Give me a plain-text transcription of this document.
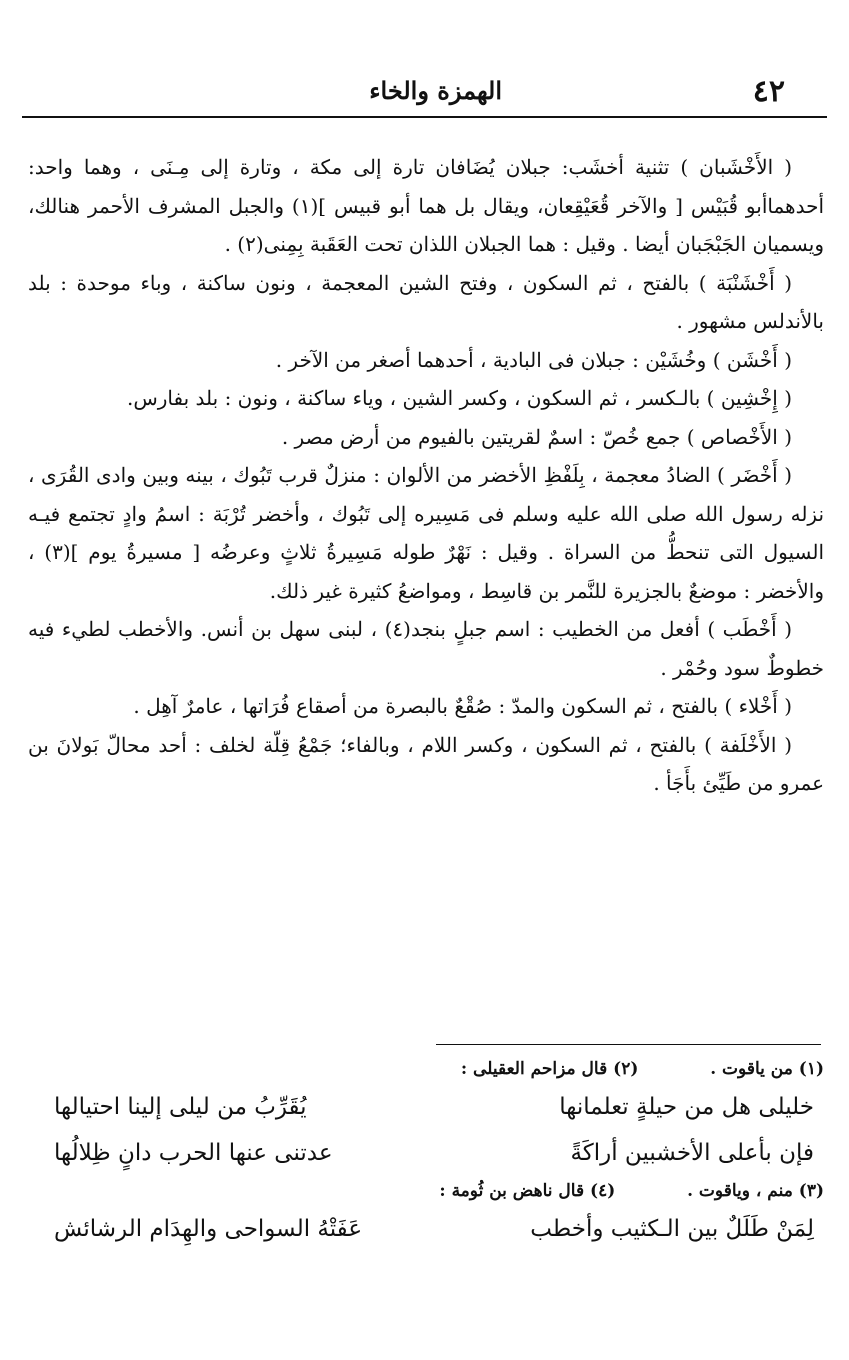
٤٢
الهمزة والخاء

( الأَخْشَبان ) تثنية أخشَب: جبلان يُضَافان تارة إلى مكة ، وتارة إلى مِـنَى ، وهما واحد: أحدهماأبو قُبَيْس [ والآخر قُعَيْقِعان، ويقال بل هما أبو قبيس ](١) والجبل المشرف الأحمر هنالك، ويسميان الجَبْجَبان أيضا . وقيل : هما الجبلان اللذان تحت العَقَبة بِمِنى(٢) .

( أَخْشَنْبَة ) بالفتح ، ثم السكون ، وفتح الشين المعجمة ، ونون ساكنة ، وباء موحدة : بلد بالأندلس مشهور .

( أَخْشَن ) وخُشَيْن : جبلان فى البادية ، أحدهما أصغر من الآخر .

( إِخْشِين ) بالـكسر ، ثم السكون ، وكسر الشين ، وياء ساكنة ، ونون : بلد بفارس.

( الأَخْصاص ) جمع خُصّ : اسمٌ لقريتين بالفيوم من أرض مصر .

( أَخْضَر ) الضادُ معجمة ، بِلَفْظِ الأخضر من الألوان : منزلٌ قرب تَبُوك ، بينه وبين وادى القُرَى ، نزله رسول الله صلى الله عليه وسلم فى مَسِيره إلى تَبُوك ، وأخضر تُرْبَة : اسمُ وادٍ تجتمع فيـه السيول التى تنحطُّ من السراة . وقيل : نَهْرٌ طوله مَسِيرةُ ثلاثٍ وعرضُه [ مسيرةُ يوم ](٣) ، والأخضر : موضعٌ بالجزيرة للنَّمر بن قاسِط ، ومواضعُ كثيرة غير ذلك.

( أَخْطَب ) أفعل من الخطيب : اسم جبلٍ بنجد(٤) ، لبنى سهل بن أنس. والأخطب لطيء فيه خطوطٌ سود وحُمْر .

( أَخْلاء ) بالفتح ، ثم السكون والمدّ : صُقْعٌ بالبصرة من أصقاع فُرَاتها ، عامرٌ آهِل .

( الأَخْلَفة ) بالفتح ، ثم السكون ، وكسر اللام ، وبالفاء؛ جَمْعُ قِلّة لخلف : أحد محالّ بَولانَ بن عمرو من طَيِّئ بأَجَأ .

(١) من ياقوت .  (٢) قال مزاحم العقيلى :

خليلى هل من حيلةٍ تعلمانها
يُقَرِّبُ من ليلى إلينا احتيالها
فإن بأعلى الأخشبين أراكَةً
عدتنى عنها الحرب دانٍ ظِلالُها

(٣) منم ، وياقوت .  (٤) قال ناهض بن ثُومة :

لِمَنْ طَلَلٌ بين الـكثيب وأخطب
عَفَتْهُ السواحى والهِدَام الرشائش
